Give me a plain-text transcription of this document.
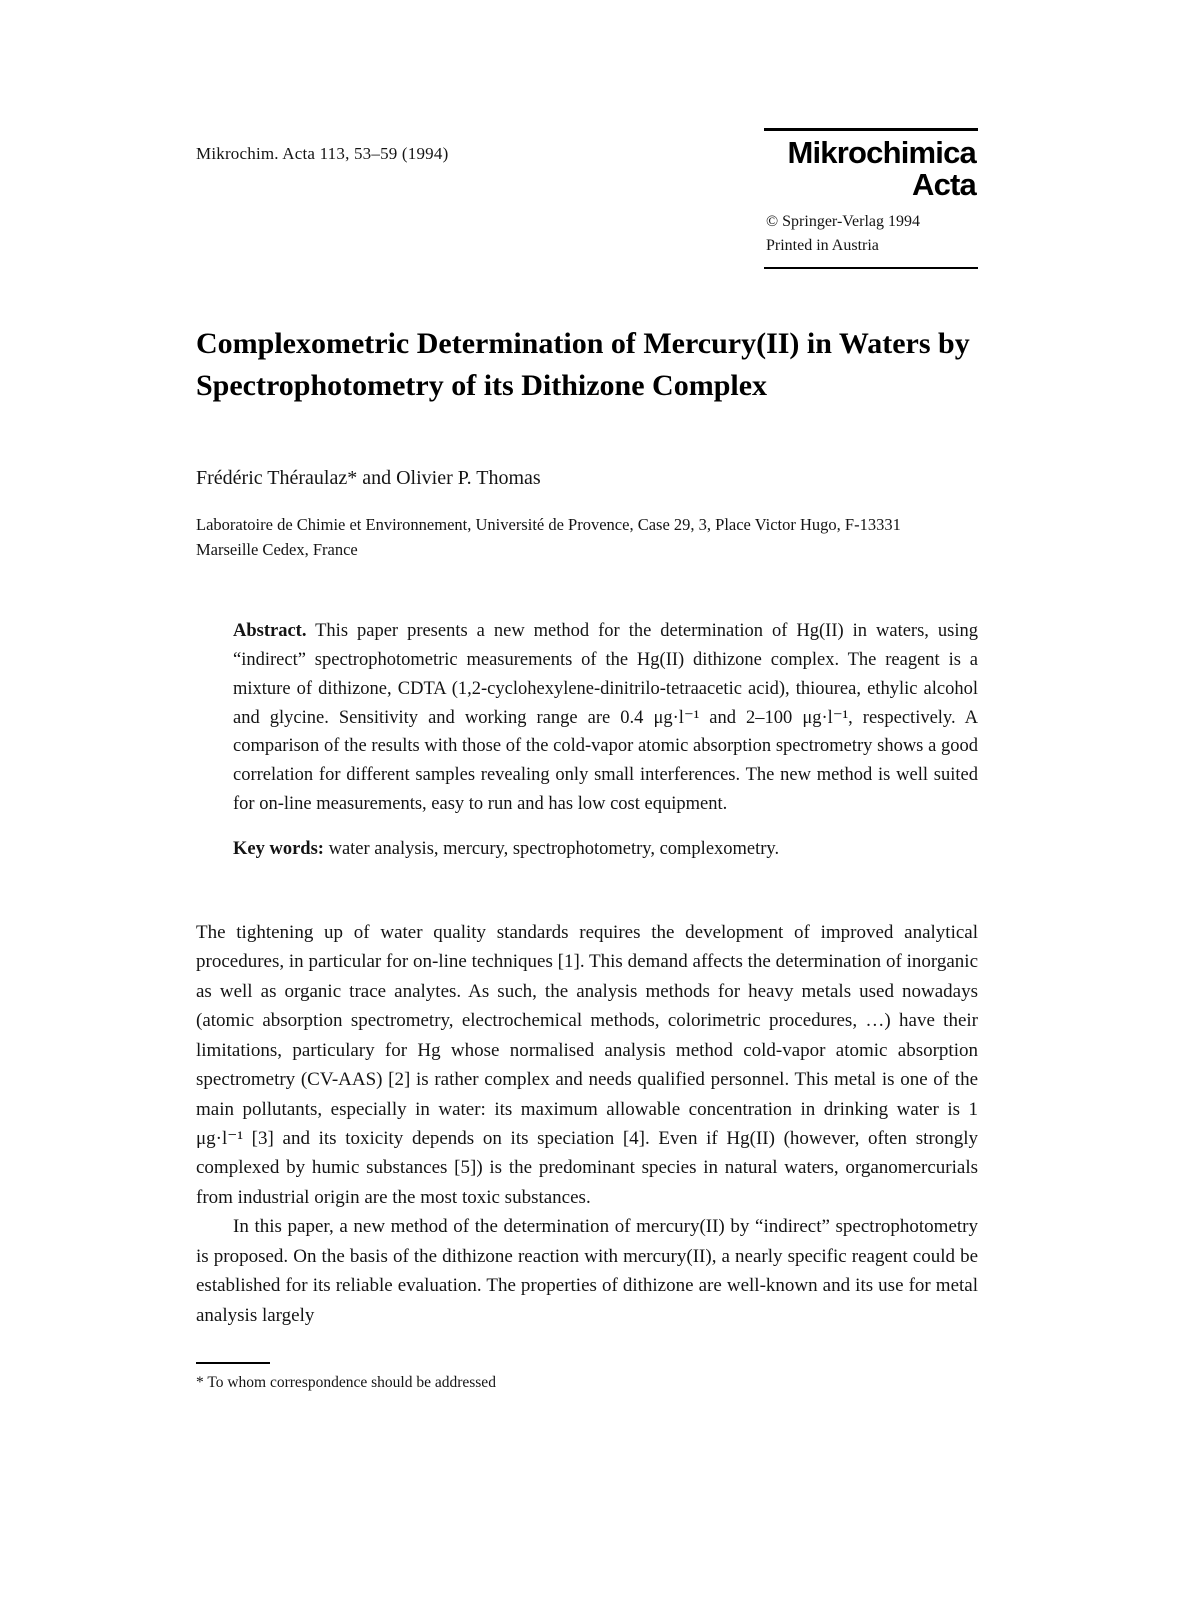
Mikrochim. Acta 113, 53–59 (1994)	Mikrochimica
Acta
© Springer-Verlag 1994
Printed in Austria
Complexometric Determination of Mercury(II) in Waters by Spectrophotometry of its Dithizone Complex
Frédéric Théraulaz* and Olivier P. Thomas
Laboratoire de Chimie et Environnement, Université de Provence, Case 29, 3, Place Victor Hugo, F-13331 Marseille Cedex, France

Abstract. This paper presents a new method for the determination of Hg(II) in waters, using “indirect” spectrophotometric measurements of the Hg(II) dithizone complex. The reagent is a mixture of dithizone, CDTA (1,2-cyclohexylene-dinitrilo-tetraacetic acid), thiourea, ethylic alcohol and glycine. Sensitivity and working range are 0.4 μg·l⁻¹ and 2–100 μg·l⁻¹, respectively. A comparison of the results with those of the cold-vapor atomic absorption spectrometry shows a good correlation for different samples revealing only small interferences. The new method is well suited for on-line measurements, easy to run and has low cost equipment.

Key words: water analysis, mercury, spectrophotometry, complexometry.

The tightening up of water quality standards requires the development of improved analytical procedures, in particular for on-line techniques [1]. This demand affects the determination of inorganic as well as organic trace analytes. As such, the analysis methods for heavy metals used nowadays (atomic absorption spectrometry, electrochemical methods, colorimetric procedures, …) have their limitations, particulary for Hg whose normalised analysis method cold-vapor atomic absorption spectrometry (CV-AAS) [2] is rather complex and needs qualified personnel. This metal is one of the main pollutants, especially in water: its maximum allowable concentration in drinking water is 1 μg·l⁻¹ [3] and its toxicity depends on its speciation [4]. Even if Hg(II) (however, often strongly complexed by humic substances [5]) is the predominant species in natural waters, organomercurials from industrial origin are the most toxic substances.

In this paper, a new method of the determination of mercury(II) by “indirect” spectrophotometry is proposed. On the basis of the dithizone reaction with mercury(II), a nearly specific reagent could be established for its reliable evaluation. The properties of dithizone are well-known and its use for metal analysis largely

* To whom correspondence should be addressed
